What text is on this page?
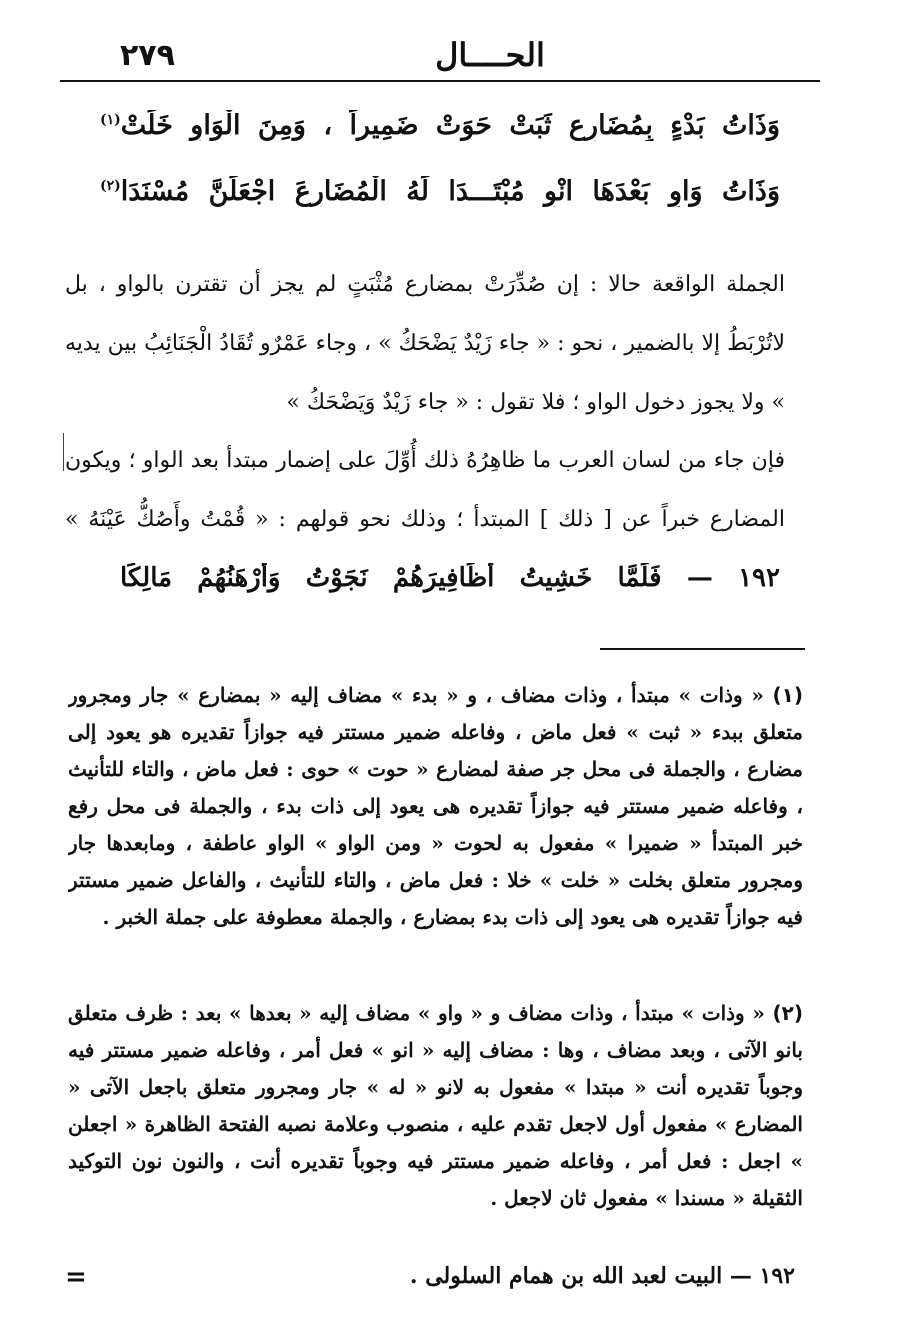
٢٧٩	الحــــال
وَذَاتُ بَدْءٍ بِمُضَارِعٍ ثَبَتْ حَوَتْ ضَمِيراً ، وَمِنَ الْوَاوِ خَلَتْ$^{(١)}$
وَذَاتُ وَاوٍ بَعْدَهَا انْوِ مُبْتَـــدَا لَهُ الْمُضَارِعَ اجْعَلَنَّ مُسْنَدَا$^{(٢)}$
الجملة الواقعة حالا : إن صُدِّرَتْ بمضارع مُثْبَتٍ لم يجز أن تقترن بالواو ، بل لاتُرْبَطُ إلا بالضمير ، نحو : « جاء زَيْدٌ يَضْحَكُ » ، وجاء عَمْرٌو تُقَادُ الْجَنَائِبُ بين يديه » ولا يجوز دخول الواو ؛ فلا تقول : « جاء زَيْدٌ وَيَضْحَكُ »
فإن جاء من لسان العرب ما ظاهِرُهُ ذلك أُوِّلَ على إضمار مبتدأ بعد الواو ؛ ويكون المضارع خبراً عن [ ذلك ] المبتدأ ؛ وذلك نحو قولهم : « قُمْتُ وأَصُكُّ عَيْنَهُ »
١٩٢ — فَلَمَّا خَشِيتُ أَظَافِيرَهُمْ نَجَوْتُ وَأَرْهَنُهُمْ مَالِكَا
(١) « وذات » مبتدأ ، وذات مضاف ، و « بدء » مضاف إليه « بمضارع » جار ومجرور متعلق ببدء « ثبت » فعل ماض ، وفاعله ضمير مستتر فيه جوازاً تقديره هو يعود إلى مضارع ، والجملة فى محل جر صفة لمضارع « حوت » حوى : فعل ماض ، والتاء للتأنيث ، وفاعله ضمير مستتر فيه جوازاً تقديره هى يعود إلى ذات بدء ، والجملة فى محل رفع خبر المبتدأ « ضميرا » مفعول به لحوت « ومن الواو » الواو عاطفة ، ومابعدها جار ومجرور متعلق بخلت « خلت » خلا : فعل ماض ، والتاء للتأنيث ، والفاعل ضمير مستتر فيه جوازاً تقديره هى يعود إلى ذات بدء بمضارع ، والجملة معطوفة على جملة الخبر .
(٢) « وذات » مبتدأ ، وذات مضاف و « واو » مضاف إليه « بعدها » بعد : ظرف متعلق بانو الآتى ، وبعد مضاف ، وها : مضاف إليه « انو » فعل أمر ، وفاعله ضمير مستتر فيه وجوباً تقديره أنت « مبتدا » مفعول به لانو « له » جار ومجرور متعلق باجعل الآتى « المضارع » مفعول أول لاجعل تقدم عليه ، منصوب وعلامة نصبه الفتحة الظاهرة « اجعلن » اجعل : فعل أمر ، وفاعله ضمير مستتر فيه وجوباً تقديره أنت ، والنون نون التوكيد الثقيلة « مسندا » مفعول ثان لاجعل .
١٩٢ — البيت لعبد الله بن همام السلولى .
=
